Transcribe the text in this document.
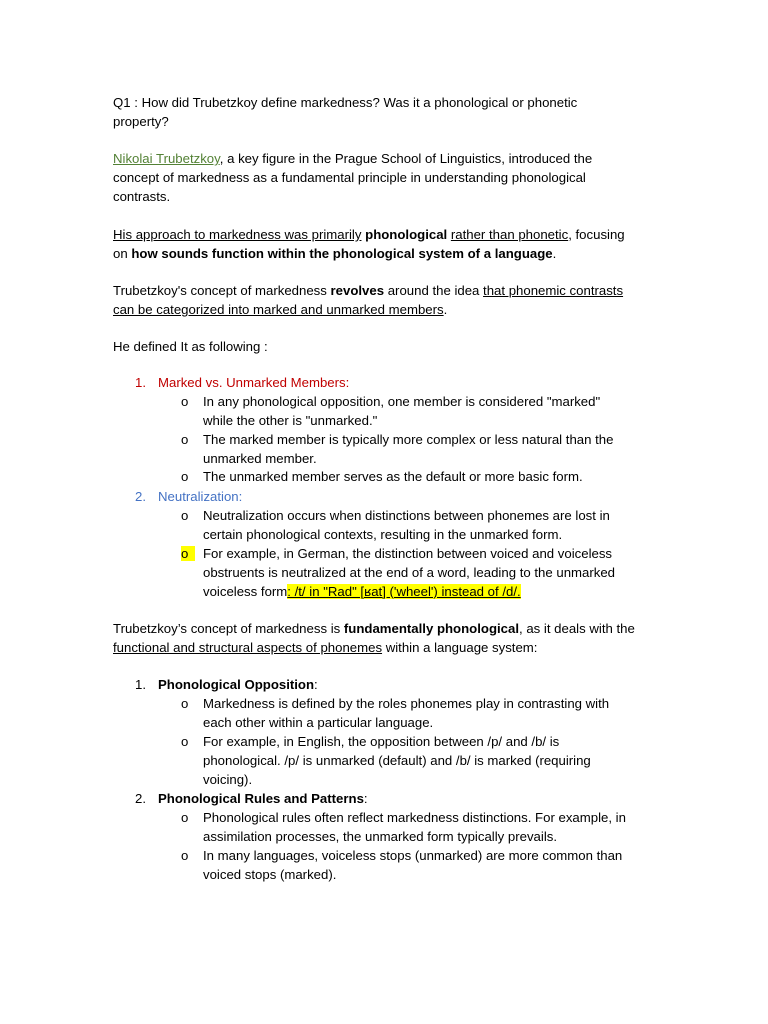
Q1 : How did Trubetzkoy define markedness? Was it a phonological or phonetic
property?
Nikolai Trubetzkoy, a key figure in the Prague School of Linguistics, introduced the
concept of markedness as a fundamental principle in understanding phonological
contrasts.
His approach to markedness was primarily phonological rather than phonetic, focusing
on how sounds function within the phonological system of a language.
Trubetzkoy's concept of markedness revolves around the idea that phonemic contrasts
can be categorized into marked and unmarked members.
He defined It as following :
1. Marked vs. Unmarked Members:
o	In any phonological opposition, one member is considered "marked"
while the other is "unmarked."
o	The marked member is typically more complex or less natural than the
unmarked member.
o	The unmarked member serves as the default or more basic form.
2. Neutralization:
o	Neutralization occurs when distinctions between phonemes are lost in
certain phonological contexts, resulting in the unmarked form.
o	For example, in German, the distinction between voiced and voiceless
obstruents is neutralized at the end of a word, leading to the unmarked
voiceless form: /t/ in "Rad" [ʁat] ('wheel') instead of /d/.
Trubetzkoy’s concept of markedness is fundamentally phonological, as it deals with the
functional and structural aspects of phonemes within a language system:
1. Phonological Opposition:
o	Markedness is defined by the roles phonemes play in contrasting with
each other within a particular language.
o	For example, in English, the opposition between /p/ and /b/ is
phonological. /p/ is unmarked (default) and /b/ is marked (requiring
voicing).
2. Phonological Rules and Patterns:
o	Phonological rules often reflect markedness distinctions. For example, in
assimilation processes, the unmarked form typically prevails.
o	In many languages, voiceless stops (unmarked) are more common than
voiced stops (marked).
